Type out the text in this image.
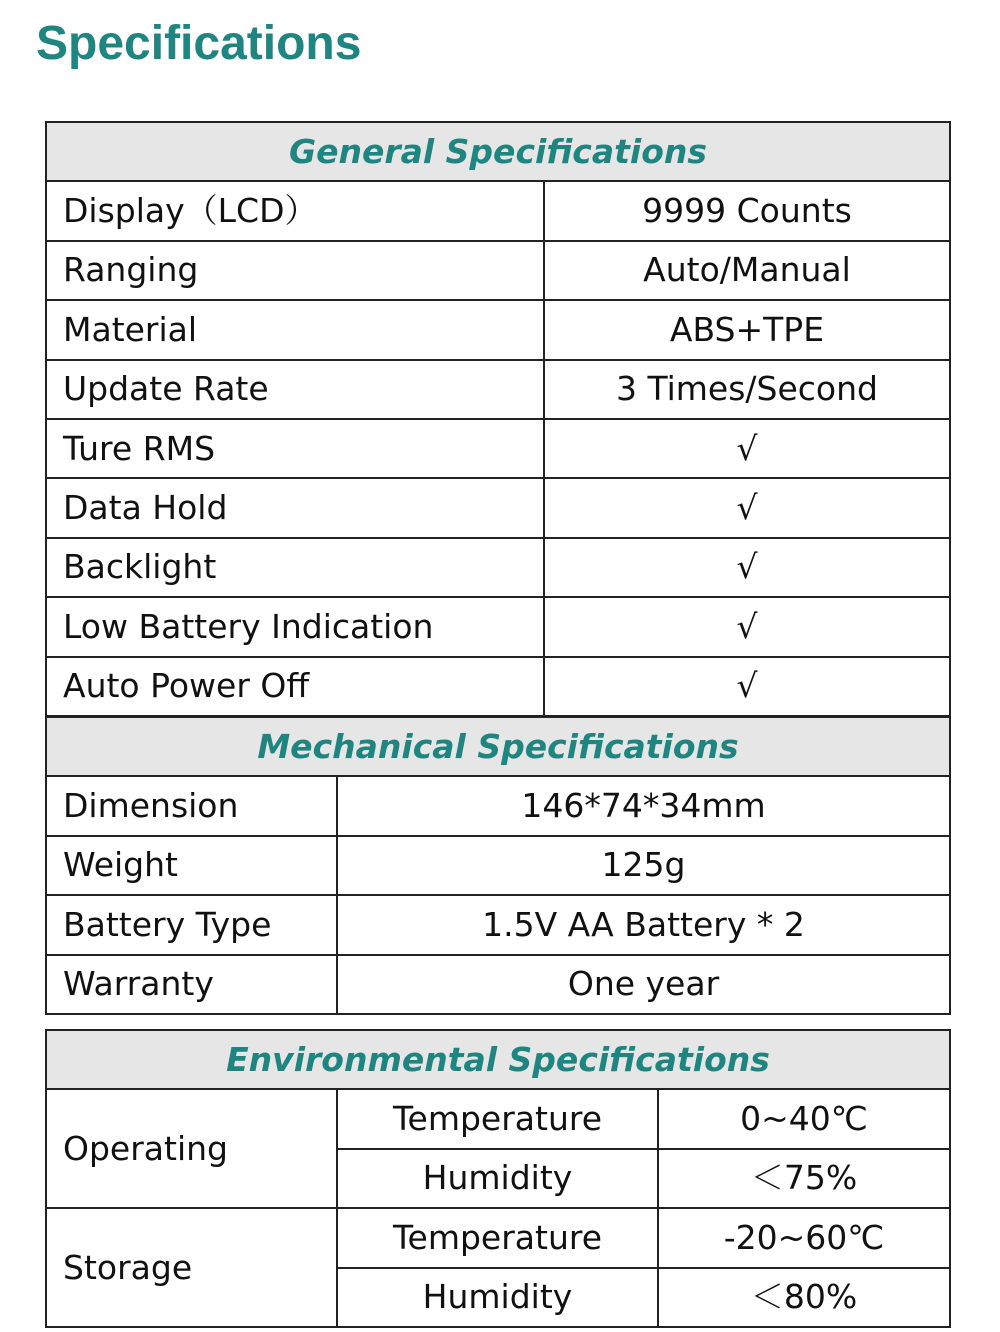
Specifications
General Specifications	
Display（LCD）	9999 Counts
Ranging	Auto/Manual
Material	ABS+TPE
Update Rate	3 Times/Second
Ture RMS	√
Data Hold	√
Backlight	√
Low Battery Indication	√
Auto Power Off	√
Mechanical Specifications	
Dimension	146*74*34mm
Weight	125g
Battery Type	1.5V AA Battery * 2
Warranty	One year
Environmental Specifications		
Operating	Temperature	0~40℃
	Humidity	＜75%
Storage	Temperature	-20~60℃
	Humidity	＜80%
